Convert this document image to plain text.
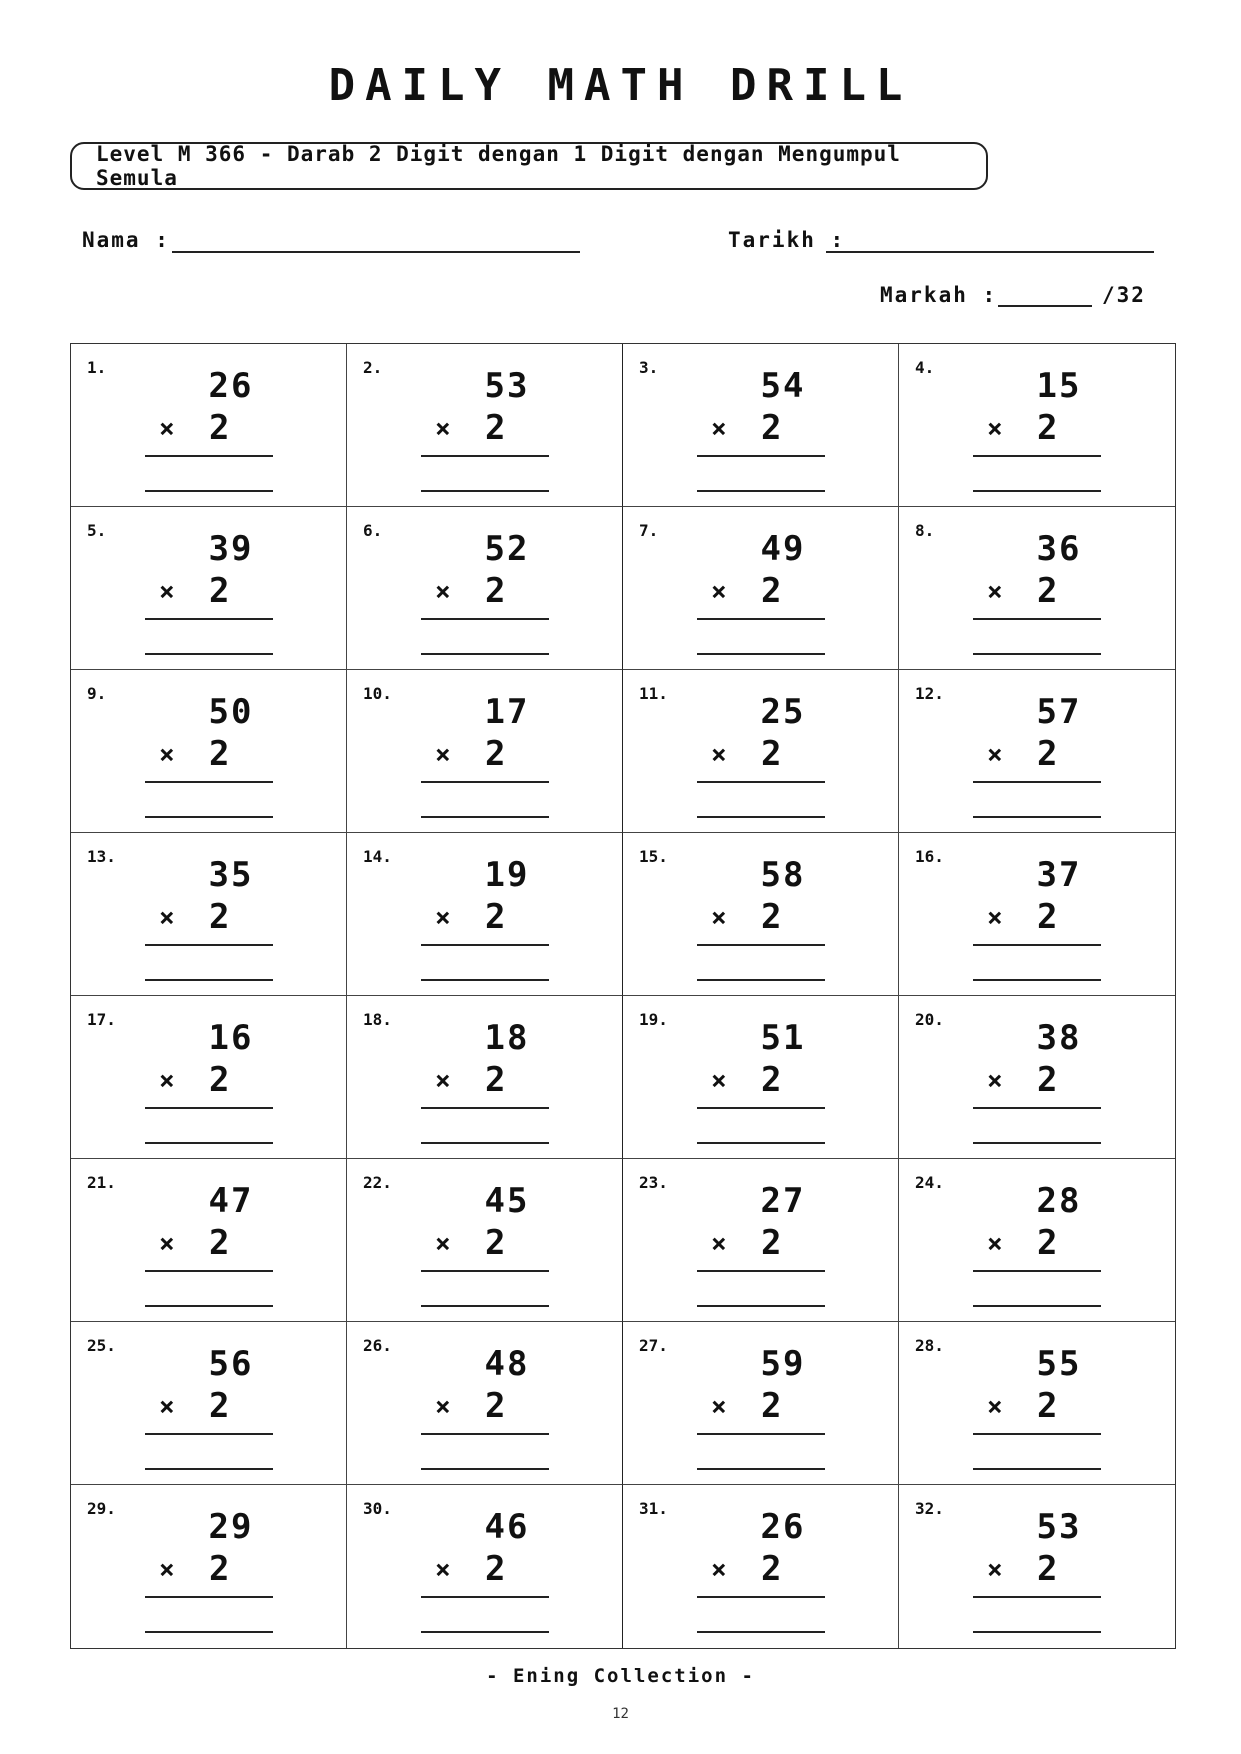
DAILY MATH DRILL
Level M 366 - Darab 2 Digit dengan 1 Digit dengan Mengumpul Semula
Nama :	Tarikh :
Markah :	/32
1.	26
× 2
2.	53
× 2
3.	54
× 2
4.	15
× 2
5.	39
× 2
6.	52
× 2
7.	49
× 2
8.	36
× 2
9.	50
× 2
10.	17
× 2
11.	25
× 2
12.	57
× 2
13.	35
× 2
14.	19
× 2
15.	58
× 2
16.	37
× 2
17.	16
× 2
18.	18
× 2
19.	51
× 2
20.	38
× 2
21.	47
× 2
22.	45
× 2
23.	27
× 2
24.	28
× 2
25.	56
× 2
26.	48
× 2
27.	59
× 2
28.	55
× 2
29.	29
× 2
30.	46
× 2
31.	26
× 2
32.	53
× 2
- Ening Collection -
12
